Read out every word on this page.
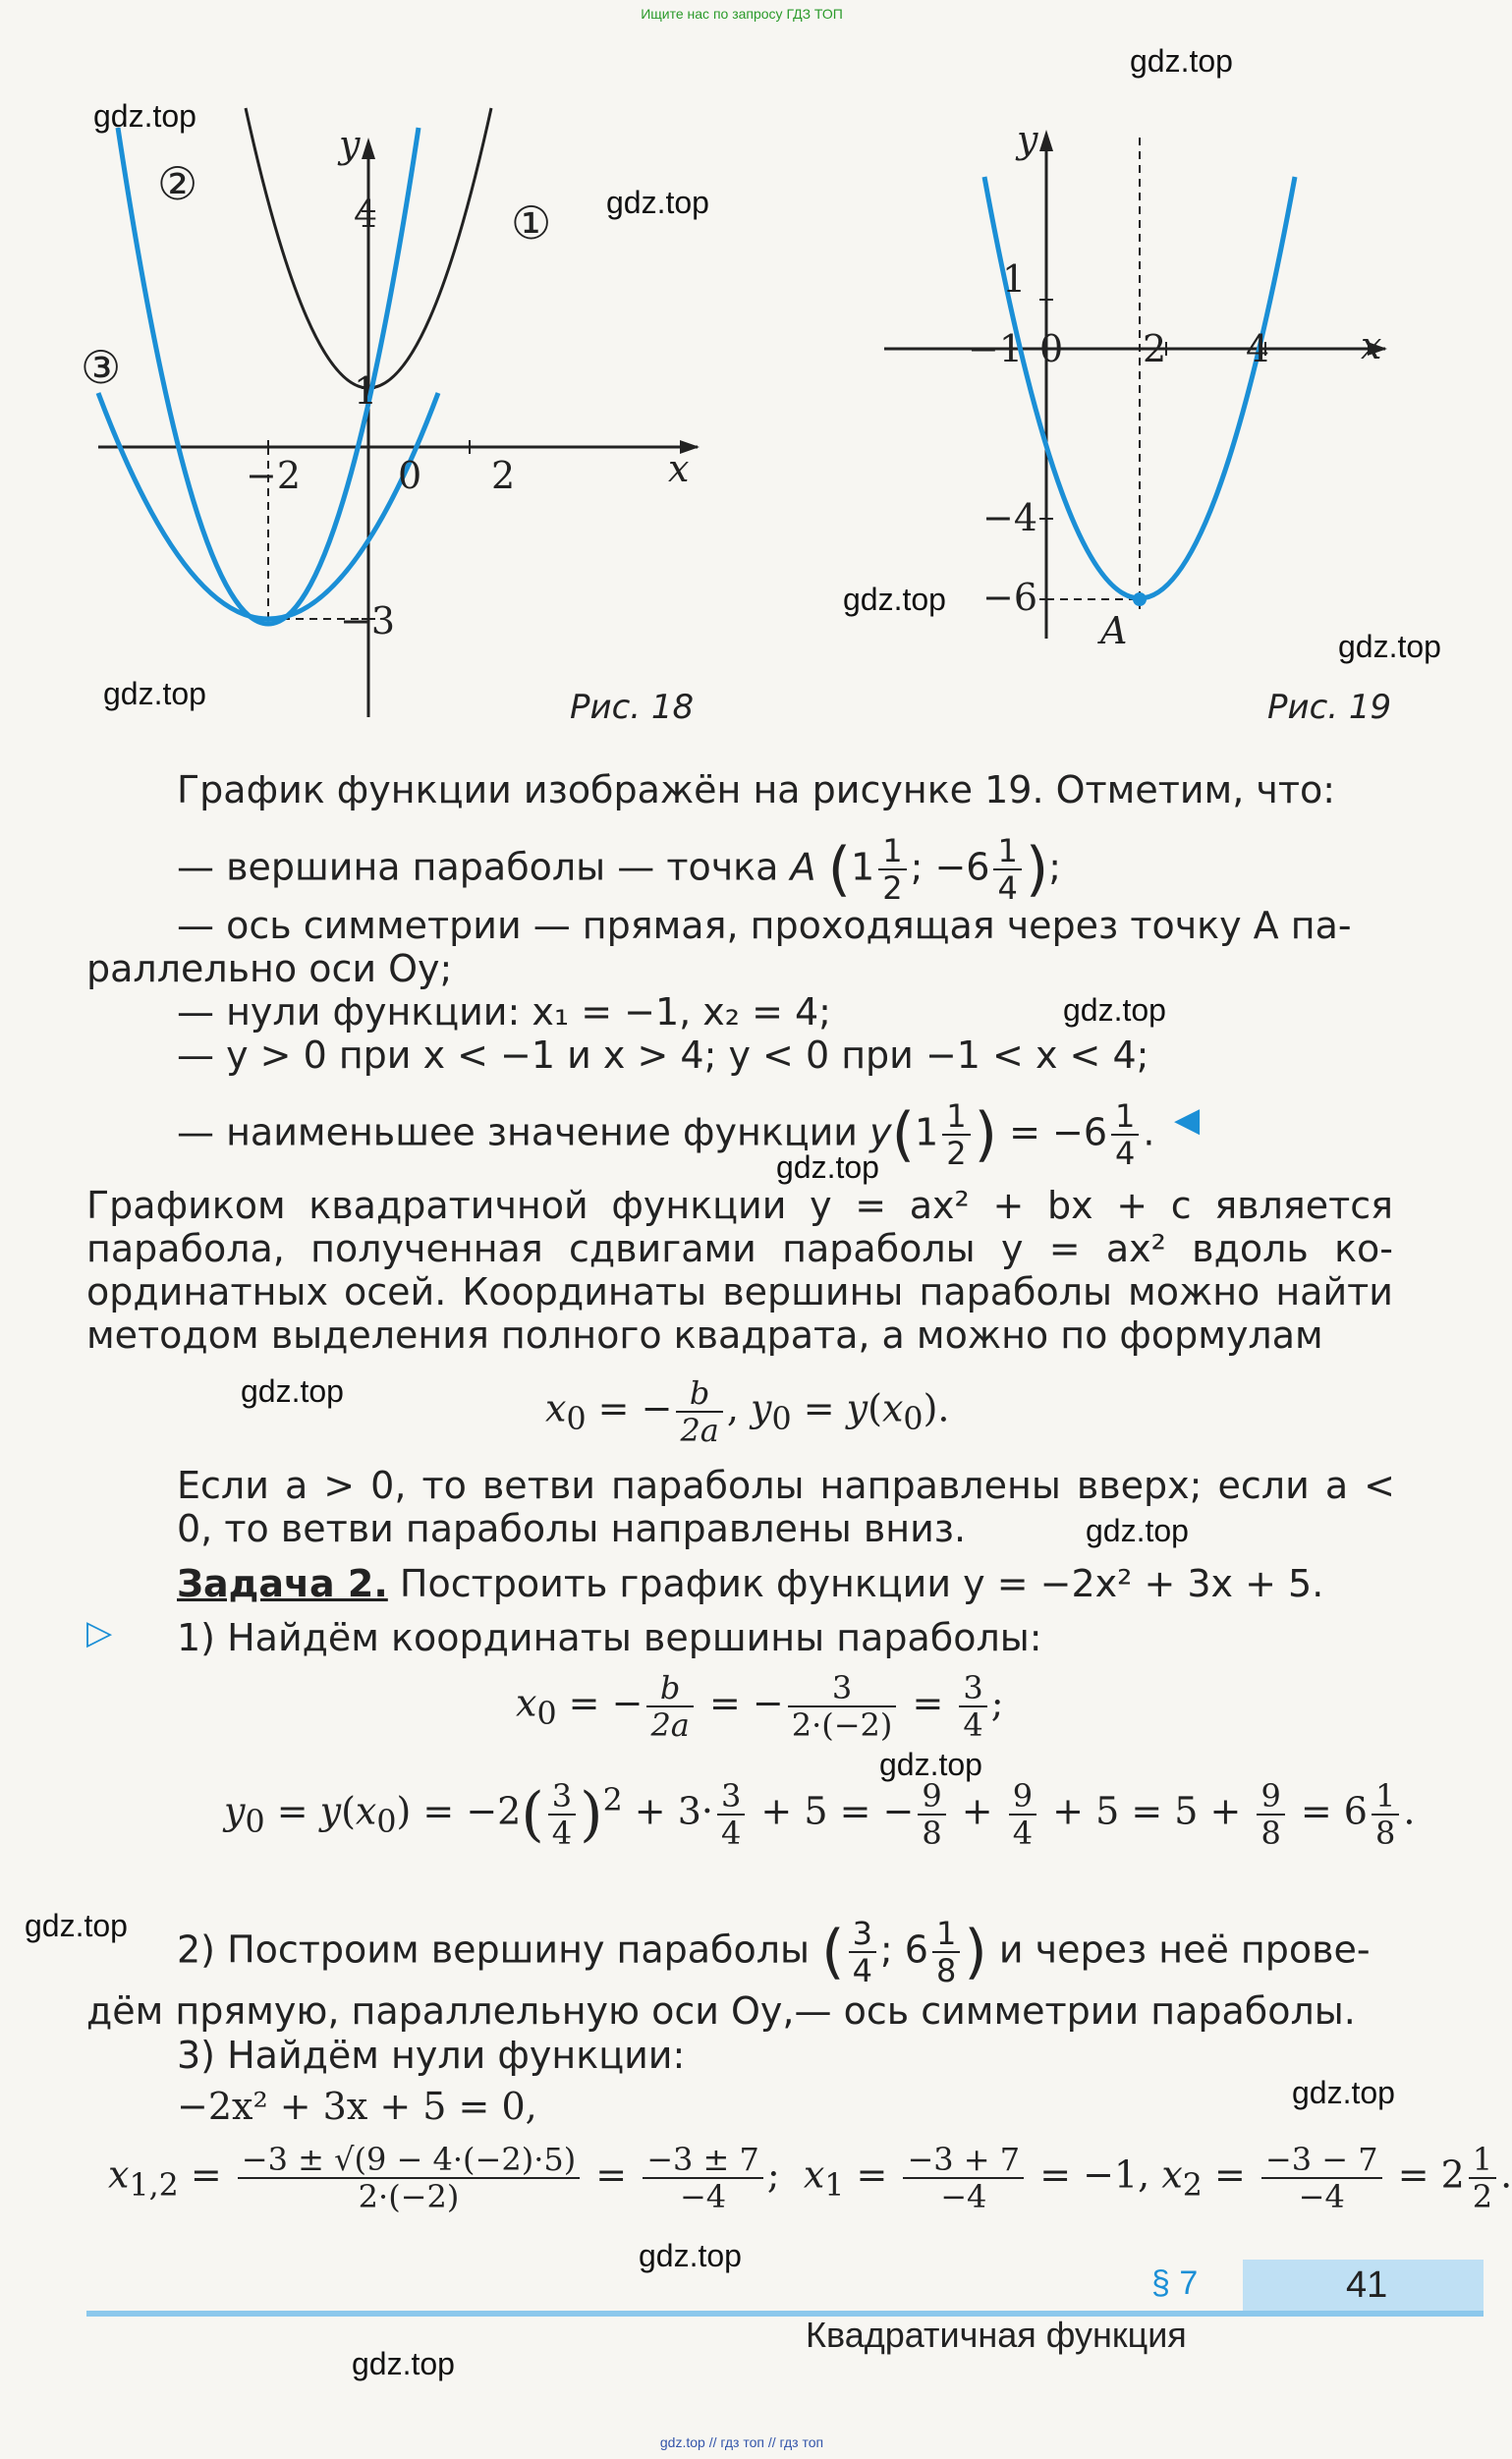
Ищите нас по запросу ГДЗ ТОП
gdz.top
gdz.top
gdz.top
gdz.top
gdz.top
gdz.top
gdz.top
gdz.top
gdz.top
gdz.top
gdz.top
gdz.top
gdz.top
gdz.top
gdz.top
y
x
−2	0 2
1
4
−3
①
②
③
Рис. 18
y
x
−1 0 2 4
1
−4
−6
A
Рис. 19
График функции изображён на рисунке 19. Отметим, что:
— вершина параболы — точка A ($1 \frac{1}{2}$ ; $-6 \frac{1}{4}$ );
— ось симметрии — прямая, проходящая через точку A па-
раллельно оси Oy;
— нули функции: x₁ = −1, x₂ = 4;
— y > 0 при x < −1 и x > 4; y < 0 при −1 < x < 4;
— наименьшее значение функции $y(1 \frac{1}{2}$ ) = $-6 \frac{1}{4}$ . ◀
Графиком квадратичной функции y = ax² + bx + c является парабола, полученная сдвигами параболы y = ax² вдоль координатных осей. Координаты вершины параболы можно найти методом выделения полного квадрата, а можно по формулам
$x_0$ = − $\frac{b}{2a}$ , $y_0 = y(x_0)$.
Если a > 0, то ветви параболы направлены вверх; если a < 0, то ветви параболы направлены вниз.
Задача 2. Построить график функции y = −2x² + 3x + 5.
▷ 1) Найдём координаты вершины параболы:
$x_0$ = − $\frac{b}{2a}$ = − $\frac{3}{2\cdot(-2)} = \frac{3}{4}$ ;
$y_0 = y(x_0) = -2( \frac{3}{4} )^2 + 3\cdot \frac{3}{4} + 5$ = − $\frac{9}{8} + \frac{9}{4} + 5 = 5 + \frac{9}{8} = 6 \frac{1}{8}$ .
2) Построим вершину параболы ( $\frac{3}{4}$ ; $6 \frac{1}{8}$ ) и через неё прове-
дём прямую, параллельную оси Oy,— ось симметрии параболы.
3) Найдём нули функции:
−2x² + 3x + 5 = 0,
$x_{1,2} = \frac{-3 \pm √(9 - 4\cdot(-2)\cdot 5)}{2\cdot(-2)} = \frac{-3 \pm 7}{-4}$ ;  $x_1 = \frac{-3 + 7}{-4} = -1$, $x_2 = \frac{-3 - 7}{-4} = 2 \frac{1}{2}$ .
§ 7	41
Квадратичная функция
gdz.top // гдз топ // гдз топ
